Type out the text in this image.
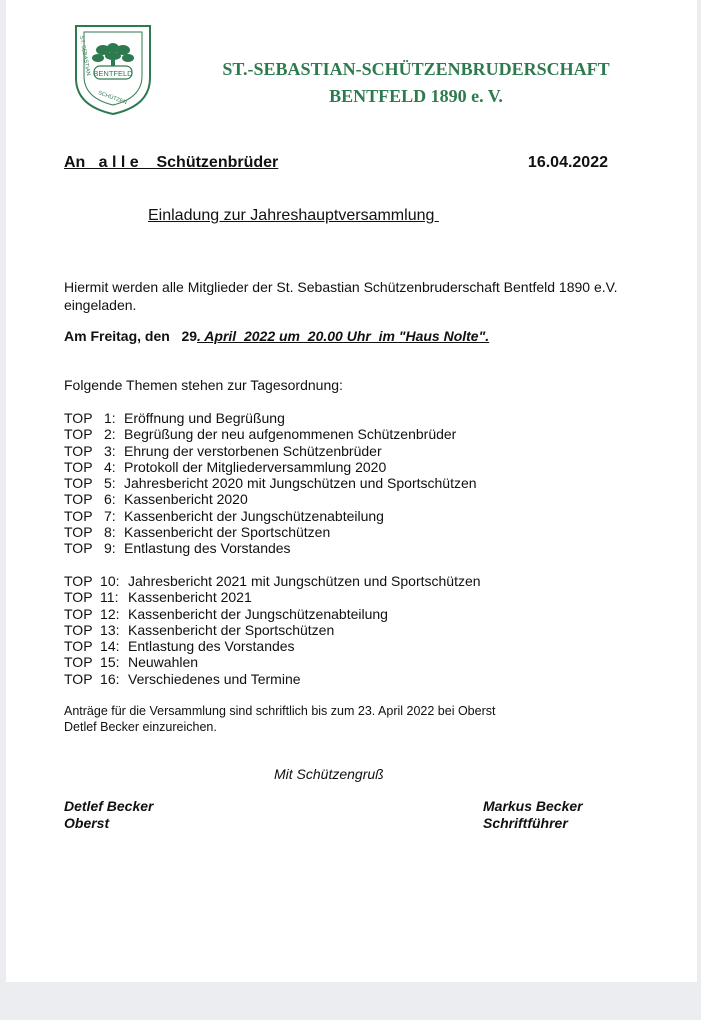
BENTFELD
ST. SEBASTIAN
SCHÜTZEN
ST.-SEBASTIAN-SCHÜTZENBRUDERSCHAFT
BENTFELD 1890 e. V.
An   a l l e    Schützenbrüder	16.04.2022
Einladung zur Jahreshauptversammlung
Hiermit werden alle Mitglieder der St. Sebastian Schützenbruderschaft Bentfeld 1890 e.V. eingeladen.
Am Freitag, den   29. April  2022 um  20.00 Uhr  im "Haus Nolte".
Folgende Themen stehen zur Tagesordnung:
TOP   1: Eröffnung und Begrüßung
TOP   2: Begrüßung der neu aufgenommenen Schützenbrüder
TOP   3: Ehrung der verstorbenen Schützenbrüder
TOP   4: Protokoll der Mitgliederversammlung 2020
TOP   5: Jahresbericht 2020 mit Jungschützen und Sportschützen
TOP   6: Kassenbericht 2020
TOP   7: Kassenbericht der Jungschützenabteilung
TOP   8: Kassenbericht der Sportschützen
TOP   9: Entlastung des Vorstandes
TOP  10: Jahresbericht 2021 mit Jungschützen und Sportschützen
TOP  11: Kassenbericht 2021
TOP  12: Kassenbericht der Jungschützenabteilung
TOP  13: Kassenbericht der Sportschützen
TOP  14: Entlastung des Vorstandes
TOP  15: Neuwahlen
TOP  16: Verschiedenes und Termine
Anträge für die Versammlung sind schriftlich bis zum 23. April 2022 bei Oberst Detlef Becker einzureichen.
Mit Schützengruß
Detlef Becker
Oberst
Markus Becker
Schriftführer
